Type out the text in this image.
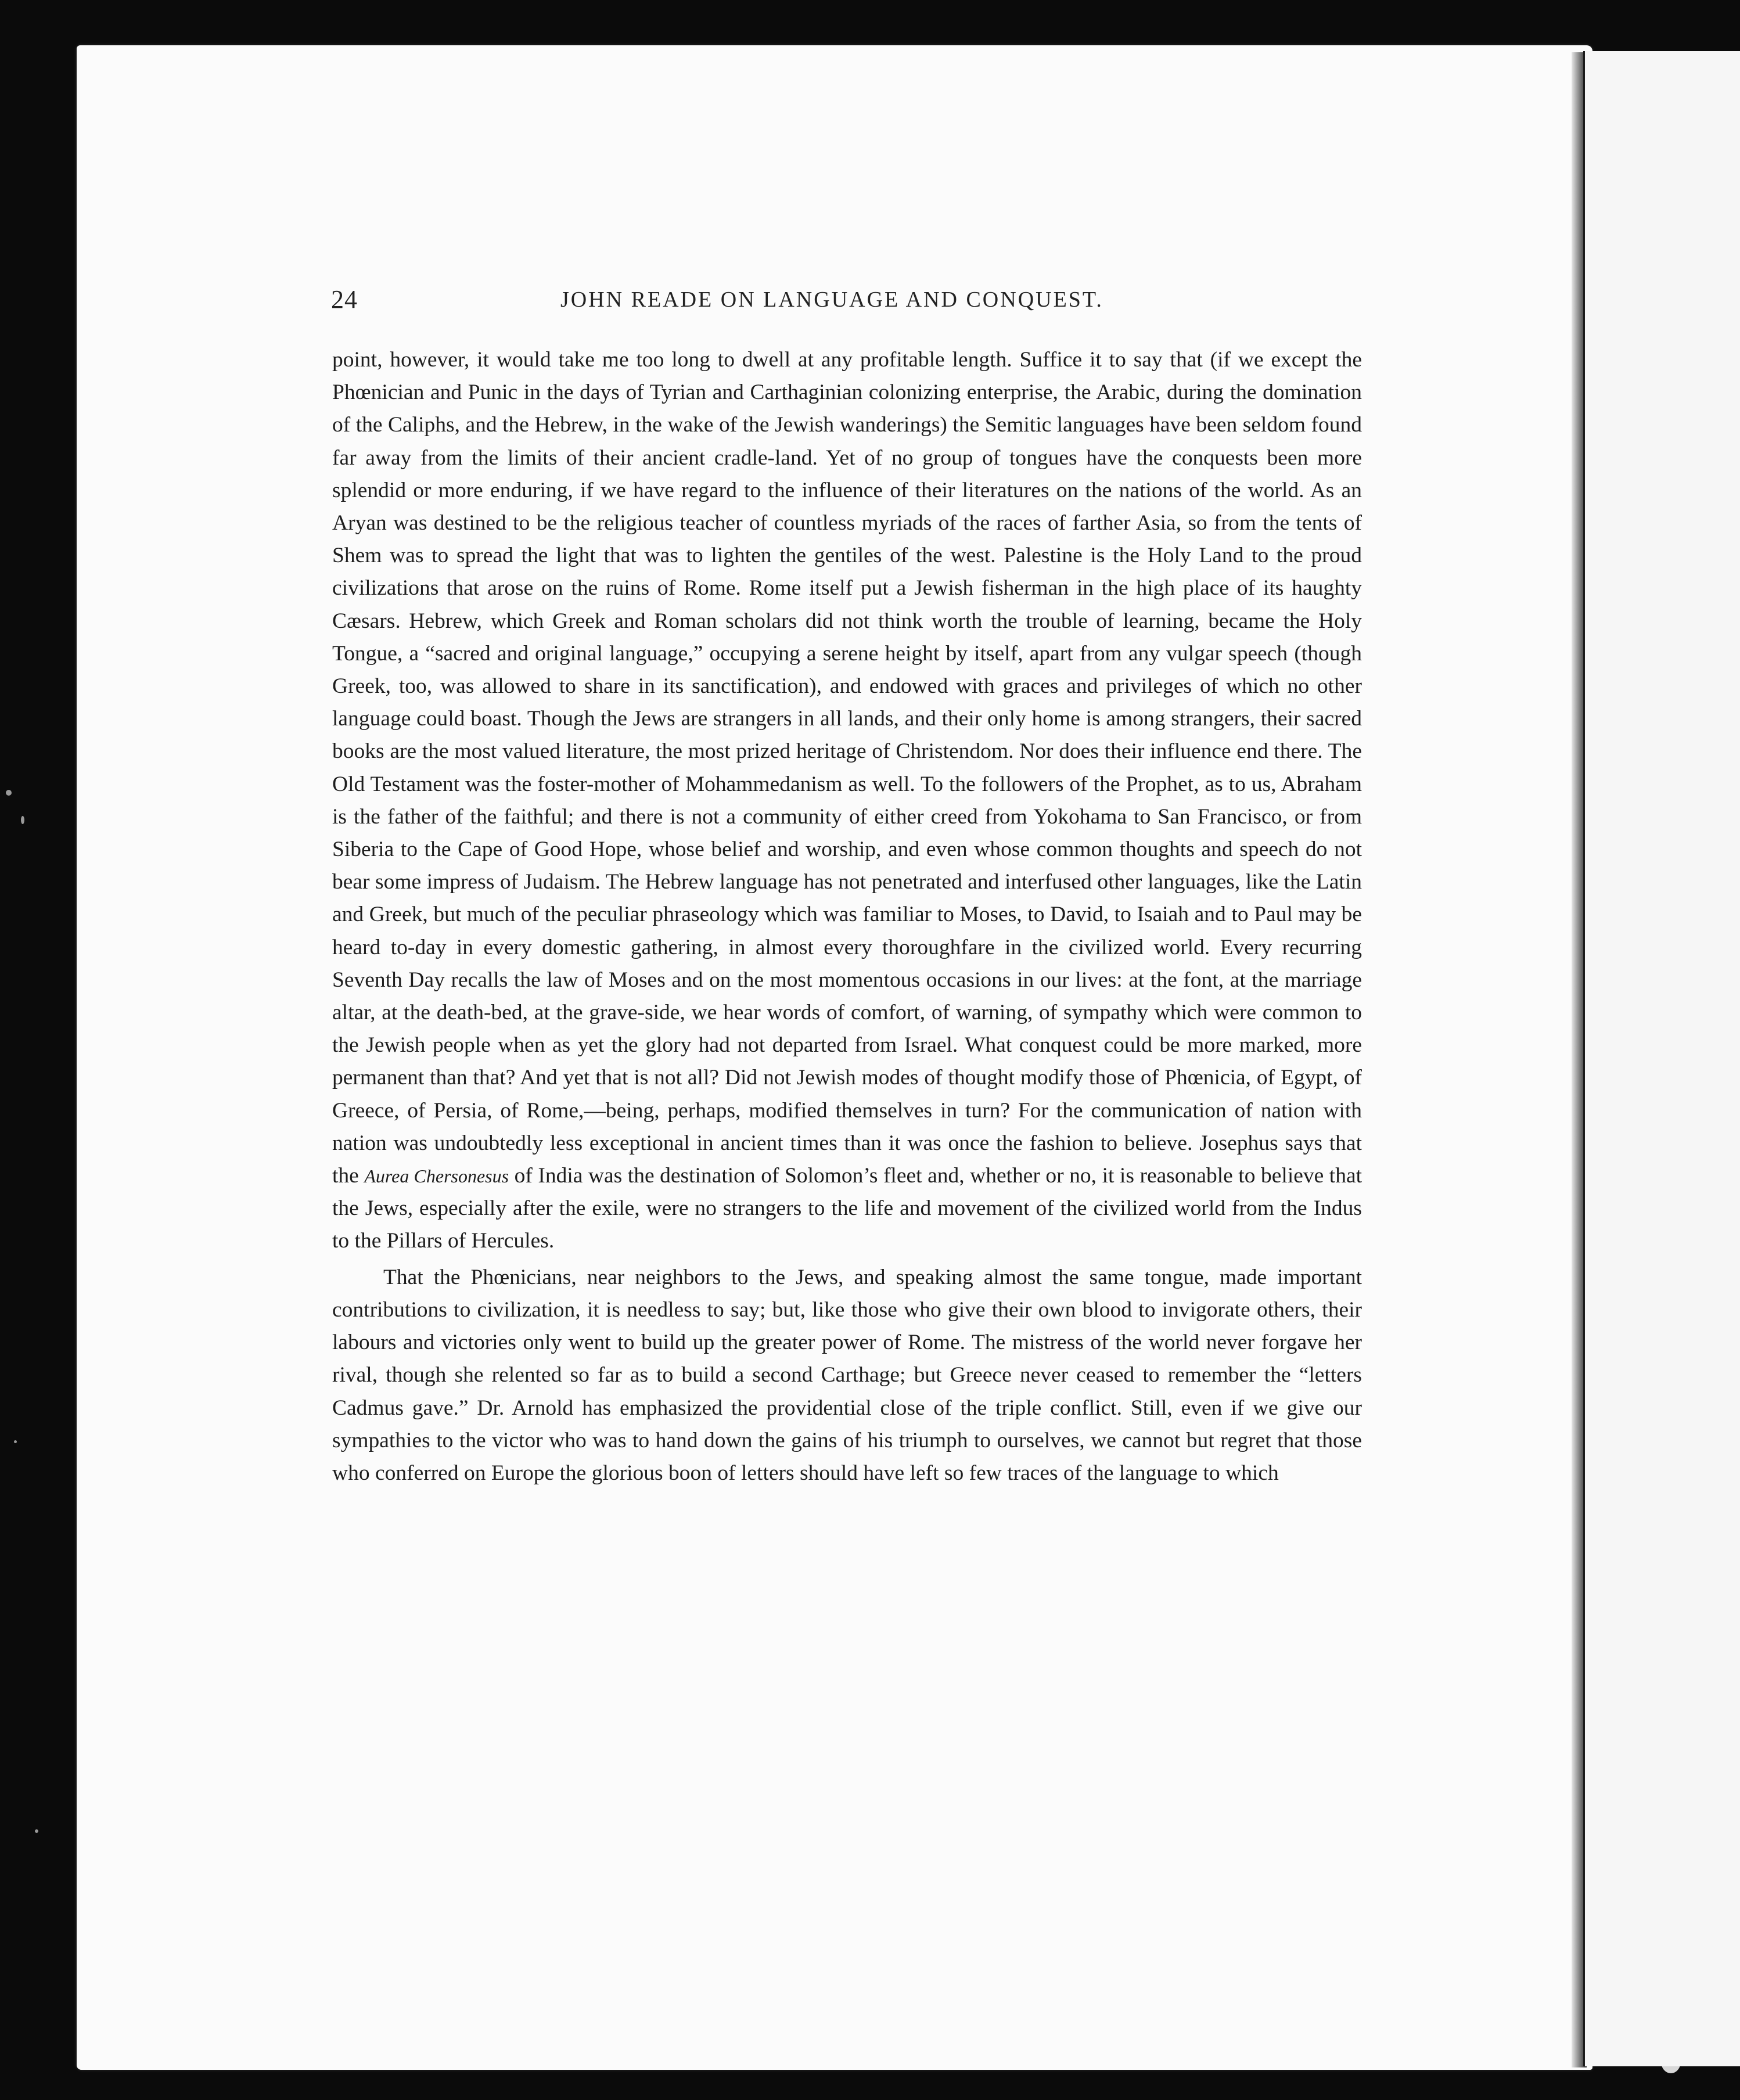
24	JOHN READE ON LANGUAGE AND CONQUEST.

point, however, it would take me too long to dwell at any profitable length. Suffice it to say that (if we except the Phœnician and Punic in the days of Tyrian and Carthaginian colonizing enterprise, the Arabic, during the domination of the Caliphs, and the Hebrew, in the wake of the Jewish wanderings) the Semitic languages have been seldom found far away from the limits of their ancient cradle-land. Yet of no group of tongues have the conquests been more splendid or more enduring, if we have regard to the influence of their literatures on the nations of the world. As an Aryan was destined to be the religious teacher of countless myriads of the races of farther Asia, so from the tents of Shem was to spread the light that was to lighten the gentiles of the west. Palestine is the Holy Land to the proud civilizations that arose on the ruins of Rome. Rome itself put a Jewish fisherman in the high place of its haughty Cæsars. Hebrew, which Greek and Roman scholars did not think worth the trouble of learning, became the Holy Tongue, a “sacred and original language,” occupying a serene height by itself, apart from any vulgar speech (though Greek, too, was allowed to share in its sanctification), and endowed with graces and privileges of which no other language could boast. Though the Jews are strangers in all lands, and their only home is among strangers, their sacred books are the most valued literature, the most prized heritage of Christendom. Nor does their influence end there. The Old Testament was the foster-mother of Mohammedanism as well. To the followers of the Prophet, as to us, Abraham is the father of the faithful; and there is not a community of either creed from Yokohama to San Francisco, or from Siberia to the Cape of Good Hope, whose belief and worship, and even whose common thoughts and speech do not bear some impress of Judaism. The Hebrew language has not penetrated and interfused other languages, like the Latin and Greek, but much of the peculiar phraseology which was familiar to Moses, to David, to Isaiah and to Paul may be heard to-day in every domestic gathering, in almost every thoroughfare in the civilized world. Every recurring Seventh Day recalls the law of Moses and on the most momentous occasions in our lives: at the font, at the marriage altar, at the death-bed, at the grave-side, we hear words of comfort, of warning, of sympathy which were common to the Jewish people when as yet the glory had not departed from Israel. What conquest could be more marked, more permanent than that? And yet that is not all? Did not Jewish modes of thought modify those of Phœnicia, of Egypt, of Greece, of Persia, of Rome,—being, perhaps, modified themselves in turn? For the communication of nation with nation was undoubtedly less exceptional in ancient times than it was once the fashion to believe. Josephus says that the Aurea Chersonesus of India was the destination of Solomon’s fleet and, whether or no, it is reasonable to believe that the Jews, especially after the exile, were no strangers to the life and movement of the civilized world from the Indus to the Pillars of Hercules.

That the Phœnicians, near neighbors to the Jews, and speaking almost the same tongue, made important contributions to civilization, it is needless to say; but, like those who give their own blood to invigorate others, their labours and victories only went to build up the greater power of Rome. The mistress of the world never forgave her rival, though she relented so far as to build a second Carthage; but Greece never ceased to remember the “letters Cadmus gave.” Dr. Arnold has emphasized the providential close of the triple conflict. Still, even if we give our sympathies to the victor who was to hand down the gains of his triumph to ourselves, we cannot but regret that those who conferred on Europe the glorious boon of letters should have left so few traces of the language to which
